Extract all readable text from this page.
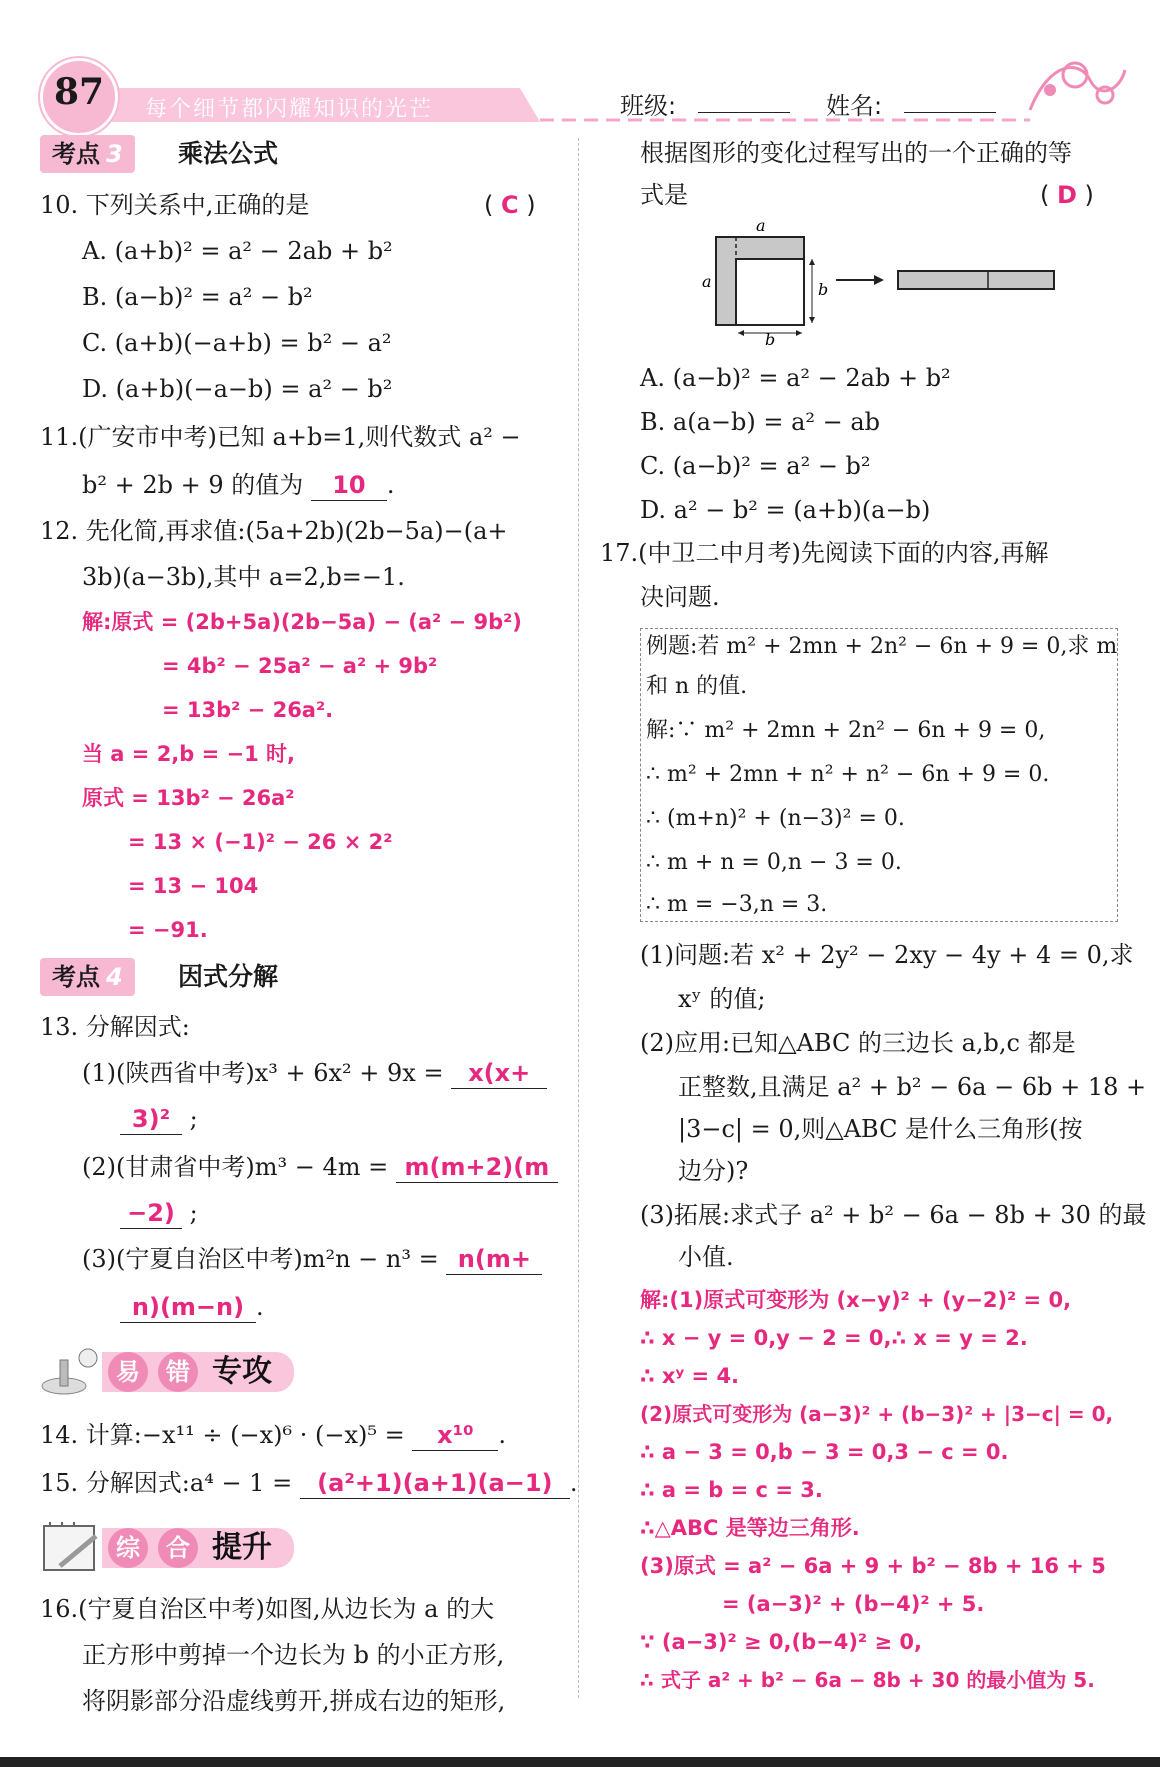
87	每个细节都闪耀知识的光芒	班级:	姓名:
考点 3	乘法公式
10. 下列关系中,正确的是	( C )
A. (a+b)² = a² − 2ab + b²
B. (a−b)² = a² − b²
C. (a+b)(−a+b) = b² − a²
D. (a+b)(−a−b) = a² − b²
11.(广安市中考)已知 a+b=1,则代数式 a² −
b² + 2b + 9 的值为 10 .
12. 先化简,再求值:(5a+2b)(2b−5a)−(a+
3b)(a−3b),其中 a=2,b=−1.
解:原式 = (2b+5a)(2b−5a) − (a² − 9b²)
= 4b² − 25a² − a² + 9b²
= 13b² − 26a².
当 a = 2,b = −1 时,
原式 = 13b² − 26a²
= 13 × (−1)² − 26 × 2²
= 13 − 104
= −91.
考点 4	因式分解
13. 分解因式:
(1)(陕西省中考)x³ + 6x² + 9x = x(x+
3)² ;
(2)(甘肃省中考)m³ − 4m = m(m+2)(m
−2) ;
(3)(宁夏自治区中考)m²n − n³ = n(m+
n)(m−n) .
易	错 专攻
14. 计算:−x¹¹ ÷ (−x)⁶ · (−x)⁵ = x¹⁰ .
15. 分解因式:a⁴ − 1 = (a²+1)(a+1)(a−1) .
综	合 提升
16.(宁夏自治区中考)如图,从边长为 a 的大
正方形中剪掉一个边长为 b 的小正方形,
将阴影部分沿虚线剪开,拼成右边的矩形,
根据图形的变化过程写出的一个正确的等
式是	( D )
a
a	b
b
A. (a−b)² = a² − 2ab + b²
B. a(a−b) = a² − ab
C. (a−b)² = a² − b²
D. a² − b² = (a+b)(a−b)
17.(中卫二中月考)先阅读下面的内容,再解
决问题.
例题:若 m² + 2mn + 2n² − 6n + 9 = 0,求 m
和 n 的值.
解:∵ m² + 2mn + 2n² − 6n + 9 = 0,
∴ m² + 2mn + n² + n² − 6n + 9 = 0.
∴ (m+n)² + (n−3)² = 0.
∴ m + n = 0,n − 3 = 0.
∴ m = −3,n = 3.
(1)问题:若 x² + 2y² − 2xy − 4y + 4 = 0,求
xʸ 的值;
(2)应用:已知△ABC 的三边长 a,b,c 都是
正整数,且满足 a² + b² − 6a − 6b + 18 +
|3−c| = 0,则△ABC 是什么三角形(按
边分)?
(3)拓展:求式子 a² + b² − 6a − 8b + 30 的最
小值.
解:(1)原式可变形为 (x−y)² + (y−2)² = 0,
∴ x − y = 0,y − 2 = 0,∴ x = y = 2.
∴ xʸ = 4.
(2)原式可变形为 (a−3)² + (b−3)² + |3−c| = 0,
∴ a − 3 = 0,b − 3 = 0,3 − c = 0.
∴ a = b = c = 3.
∴△ABC 是等边三角形.
(3)原式 = a² − 6a + 9 + b² − 8b + 16 + 5
= (a−3)² + (b−4)² + 5.
∵ (a−3)² ≥ 0,(b−4)² ≥ 0,
∴ 式子 a² + b² − 6a − 8b + 30 的最小值为 5.
